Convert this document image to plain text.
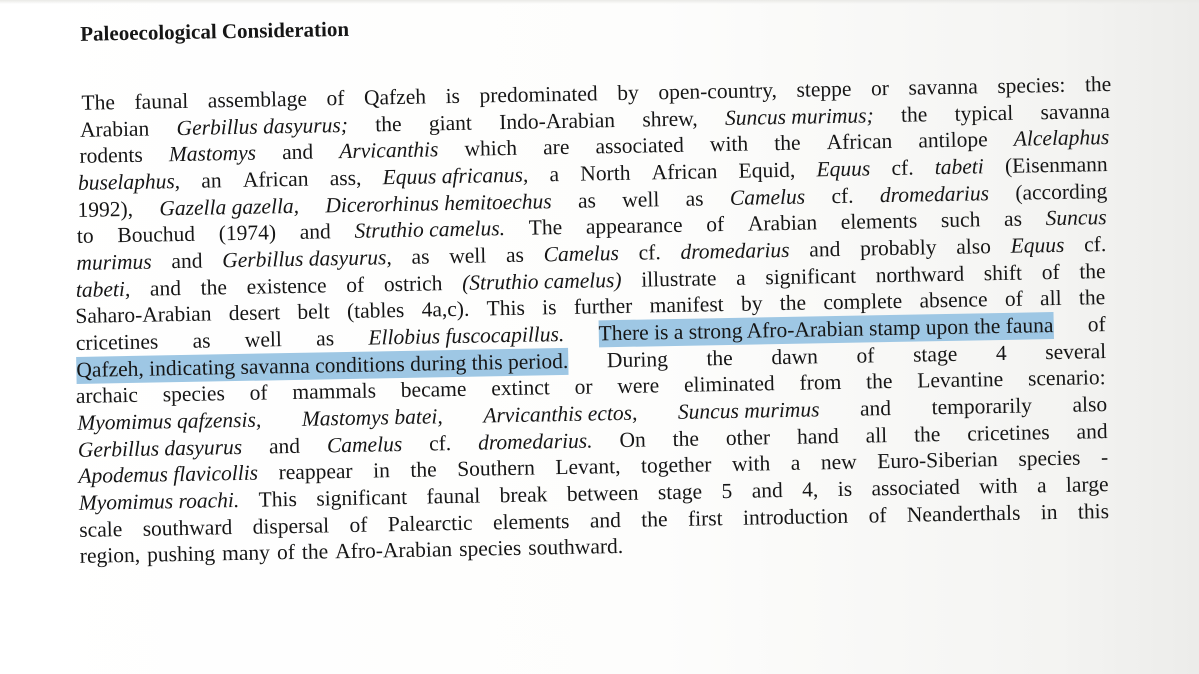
Paleoecological Consideration
The faunal assemblage of Qafzeh is predominated by open-country, steppe or savanna species: the
Arabian Gerbillus dasyurus; the giant Indo-Arabian shrew, Suncus murimus; the typical savanna
rodents Mastomys and Arvicanthis which are associated with the African antilope Alcelaphus
buselaphus, an African ass, Equus africanus, a North African Equid, Equus cf. tabeti (Eisenmann
1992), Gazella gazella, Dicerorhinus hemitoechus as well as Camelus cf. dromedarius (according
to Bouchud (1974) and Struthio camelus. The appearance of Arabian elements such as Suncus
murimus and Gerbillus dasyurus, as well as Camelus cf. dromedarius and probably also Equus cf.
tabeti, and the existence of ostrich (Struthio camelus) illustrate a significant northward shift of the
Saharo-Arabian desert belt (tables 4a,c). This is further manifest by the complete absence of all the
cricetines as well as Ellobius fuscocapillus. There is a strong Afro-Arabian stamp upon the fauna of
Qafzeh, indicating savanna conditions during this period. During the dawn of stage 4 several
archaic species of mammals became extinct or were eliminated from the Levantine scenario:
Myomimus qafzensis, Mastomys batei, Arvicanthis ectos, Suncus murimus and temporarily also
Gerbillus dasyurus and Camelus cf. dromedarius. On the other hand all the cricetines and
Apodemus flavicollis reappear in the Southern Levant, together with a new Euro-Siberian species -
Myomimus roachi. This significant faunal break between stage 5 and 4, is associated with a large
scale southward dispersal of Palearctic elements and the first introduction of Neanderthals in this
region, pushing many of the Afro-Arabian species southward.
